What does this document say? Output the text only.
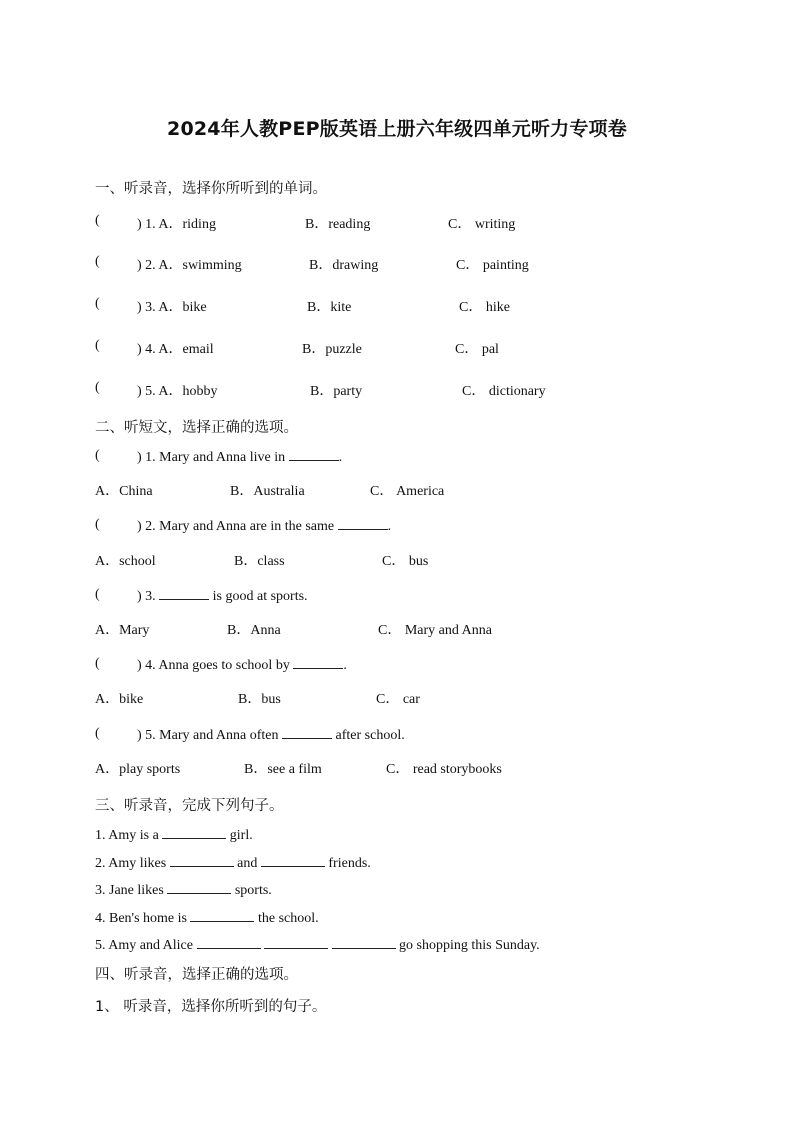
2024年人教PEP版英语上册六年级四单元听力专项卷
一、听录音，选择你所听到的单词。
(	) 1. A．riding	B．reading	C． writing
(	) 2. A．swimming	B．drawing	C． painting
(	) 3. A．bike	B．kite	C． hike
(	) 4. A．email	B．puzzle	C． pal
(	) 5. A．hobby	B．party	C． dictionary
二、听短文，选择正确的选项。
(	) 1. Mary and Anna live in	.
A．China	B．Australia	C． America
(	) 2. Mary and Anna are in the same	.
A．school	B．class	C． bus
(	) 3.	is good at sports.
A．Mary	B．Anna	C． Mary and Anna
(	) 4. Anna goes to school by	.
A．bike	B．bus	C． car
(	) 5. Mary and Anna often	after school.
A．play sports	B．see a film	C． read storybooks
三、听录音，完成下列句子。
1. Amy is a	girl.
2. Amy likes	and	friends.
3. Jane likes	sports.
4. Ben's home is	the school.
5. Amy and Alice	go shopping this Sunday.
四、听录音，选择正确的选项。
1、 听录音，选择你所听到的句子。
